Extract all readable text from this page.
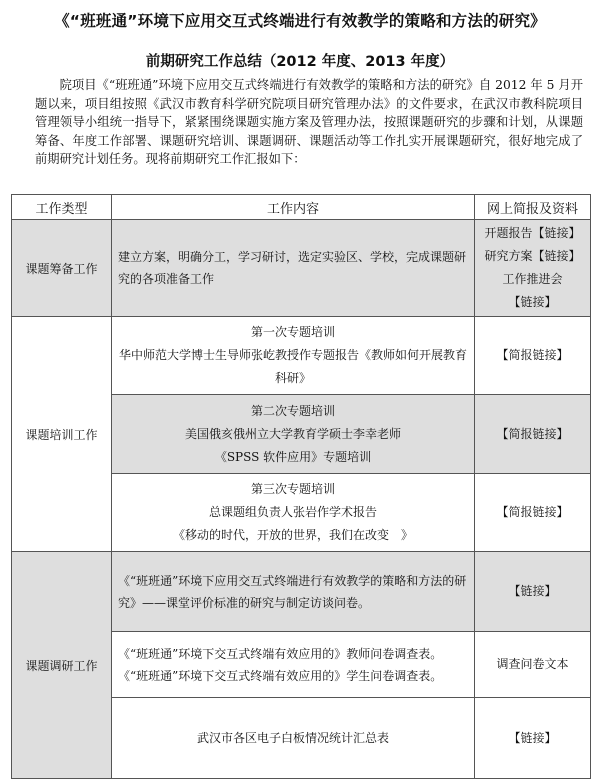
《“班班通”环境下应用交互式终端进行有效教学的策略和方法的研究》
前期研究工作总结（2012 年度、2013 年度）
院项目《“班班通”环境下应用交互式终端进行有效教学的策略和方法的研究》自 2012 年 5 月开题以来，项目组按照《武汉市教育科学研究院项目研究管理办法》的文件要求，在武汉市教科院项目管理领导小组统一指导下，紧紧围绕课题实施方案及管理办法，按照课题研究的步骤和计划，从课题筹备、年度工作部署、课题研究培训、课题调研、课题活动等工作扎实开展课题研究，很好地完成了前期研究计划任务。现将前期研究工作汇报如下：
工作类型	工作内容	网上简报及资料
课题筹备工作	建立方案，明确分工，学习研讨，选定实验区、学校，完成课题研究的各项准备工作	开题报告【链接】
研究方案【链接】
工作推进会【链接】

课题培训工作	第一次专题培训
华中师范大学博士生导师张屹教授作专题报告《教师如何开展教育科研》	【简报链接】

	第二次专题培训
美国俄亥俄州立大学教育学硕士李幸老师
《SPSS 软件应用》专题培训	【简报链接】

	第三次专题培训
总课题组负责人张岩作学术报告
《移动的时代，开放的世界，我们在改变　》	【简报链接】
课题调研工作	《“班班通”环境下应用交互式终端进行有效教学的策略和方法的研究》——课堂评价标准的研究与制定访谈问卷。	【链接】

	《“班班通”环境下交互式终端有效应用的》教师问卷调查表。
《“班班通”环境下交互式终端有效应用的》学生问卷调查表。	调查问卷文本
	武汉市各区电子白板情况统计汇总表	【链接】
